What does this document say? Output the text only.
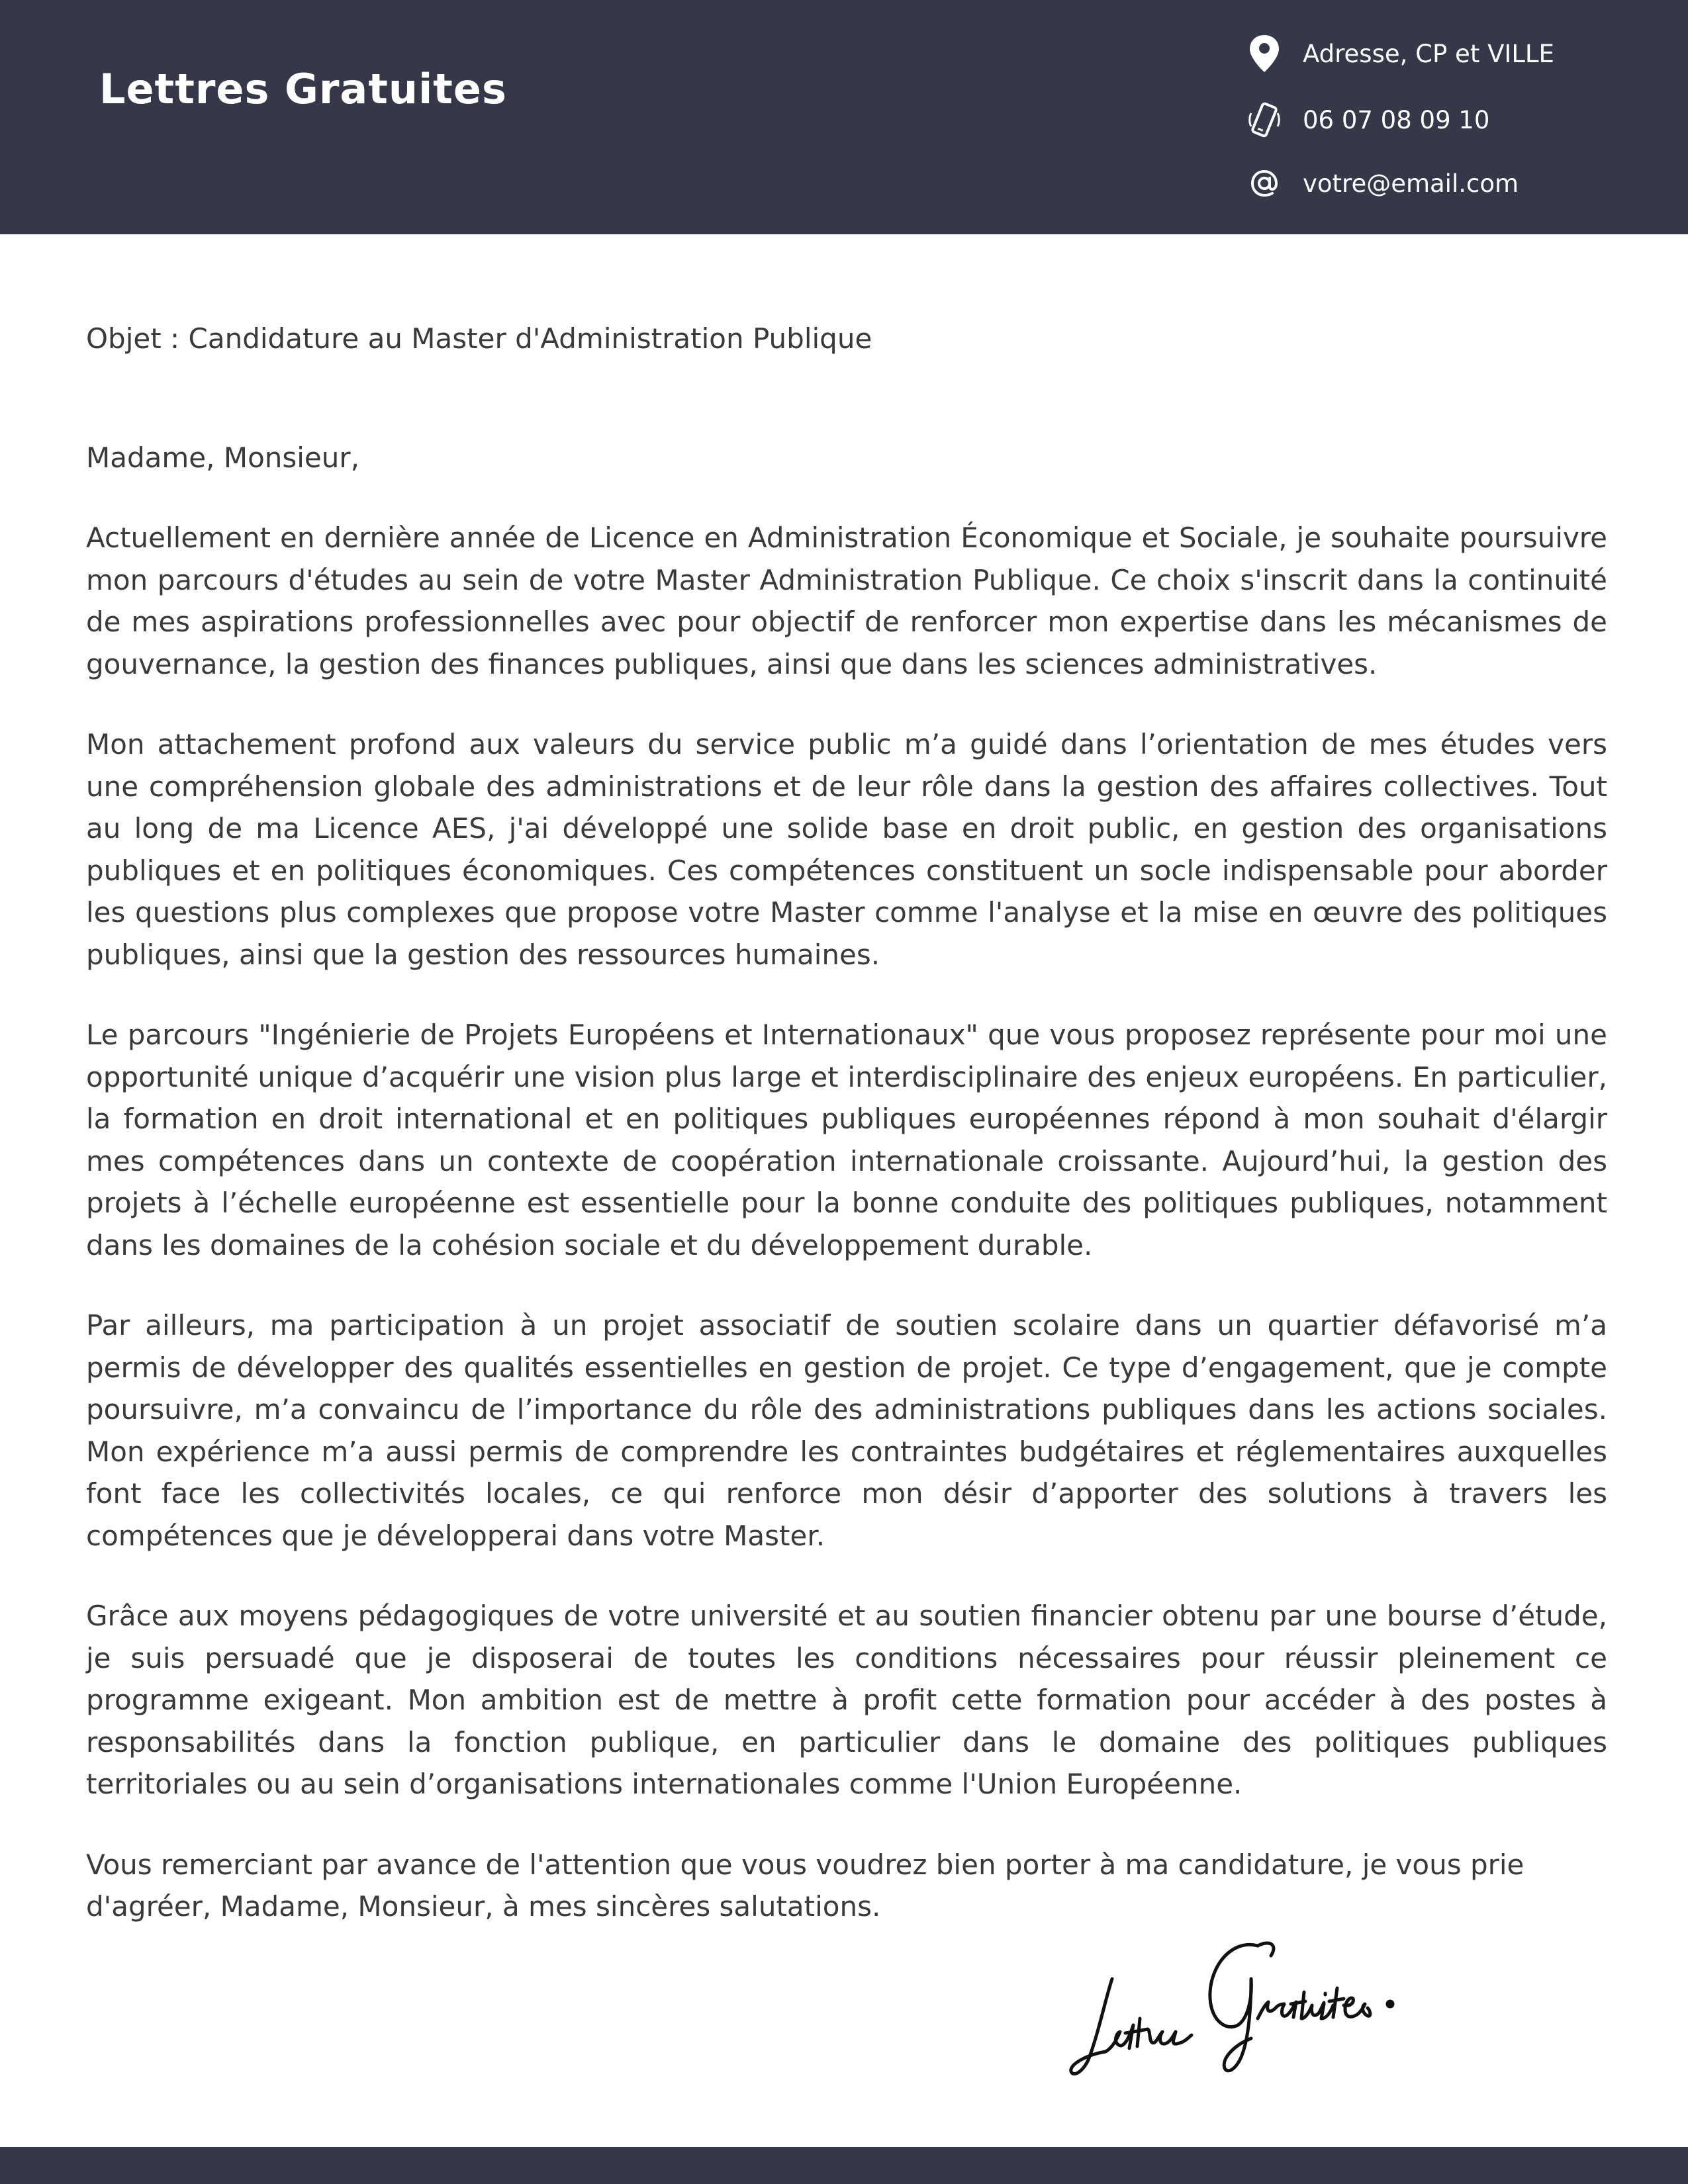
Lettres Gratuites
Adresse, CP et VILLE
06 07 08 09 10
votre@email.com

Objet : Candidature au Master d'Administration Publique

Madame, Monsieur,

Actuellement en dernière année de Licence en Administration Économique et Sociale, je souhaite poursuivre mon parcours d'études au sein de votre Master Administration Publique. Ce choix s'inscrit dans la continuité de mes aspirations professionnelles avec pour objectif de renforcer mon expertise dans les mécanismes de gouvernance, la gestion des finances publiques, ainsi que dans les sciences administratives.

Mon attachement profond aux valeurs du service public m’a guidé dans l’orientation de mes études vers une compréhension globale des administrations et de leur rôle dans la gestion des affaires collectives. Tout au long de ma Licence AES, j'ai développé une solide base en droit public, en gestion des organisations publiques et en politiques économiques. Ces compétences constituent un socle indispensable pour aborder les questions plus complexes que propose votre Master comme l'analyse et la mise en œuvre des politiques publiques, ainsi que la gestion des ressources humaines.

Le parcours "Ingénierie de Projets Européens et Internationaux" que vous proposez représente pour moi une opportunité unique d’acquérir une vision plus large et interdisciplinaire des enjeux européens. En particulier, la formation en droit international et en politiques publiques européennes répond à mon souhait d'élargir mes compétences dans un contexte de coopération internationale croissante. Aujourd’hui, la gestion des projets à l’échelle européenne est essentielle pour la bonne conduite des politiques publiques, notamment dans les domaines de la cohésion sociale et du développement durable.

Par ailleurs, ma participation à un projet associatif de soutien scolaire dans un quartier défavorisé m’a permis de développer des qualités essentielles en gestion de projet. Ce type d’engagement, que je compte poursuivre, m’a convaincu de l’importance du rôle des administrations publiques dans les actions sociales. Mon expérience m’a aussi permis de comprendre les contraintes budgétaires et réglementaires auxquelles font face les collectivités locales, ce qui renforce mon désir d’apporter des solutions à travers les compétences que je développerai dans votre Master.

Grâce aux moyens pédagogiques de votre université et au soutien financier obtenu par une bourse d’étude, je suis persuadé que je disposerai de toutes les conditions nécessaires pour réussir pleinement ce programme exigeant. Mon ambition est de mettre à profit cette formation pour accéder à des postes à responsabilités dans la fonction publique, en particulier dans le domaine des politiques publiques territoriales ou au sein d’organisations internationales comme l'Union Européenne.

Vous remerciant par avance de l'attention que vous voudrez bien porter à ma candidature, je vous prie d'agréer, Madame, Monsieur, à mes sincères salutations.
